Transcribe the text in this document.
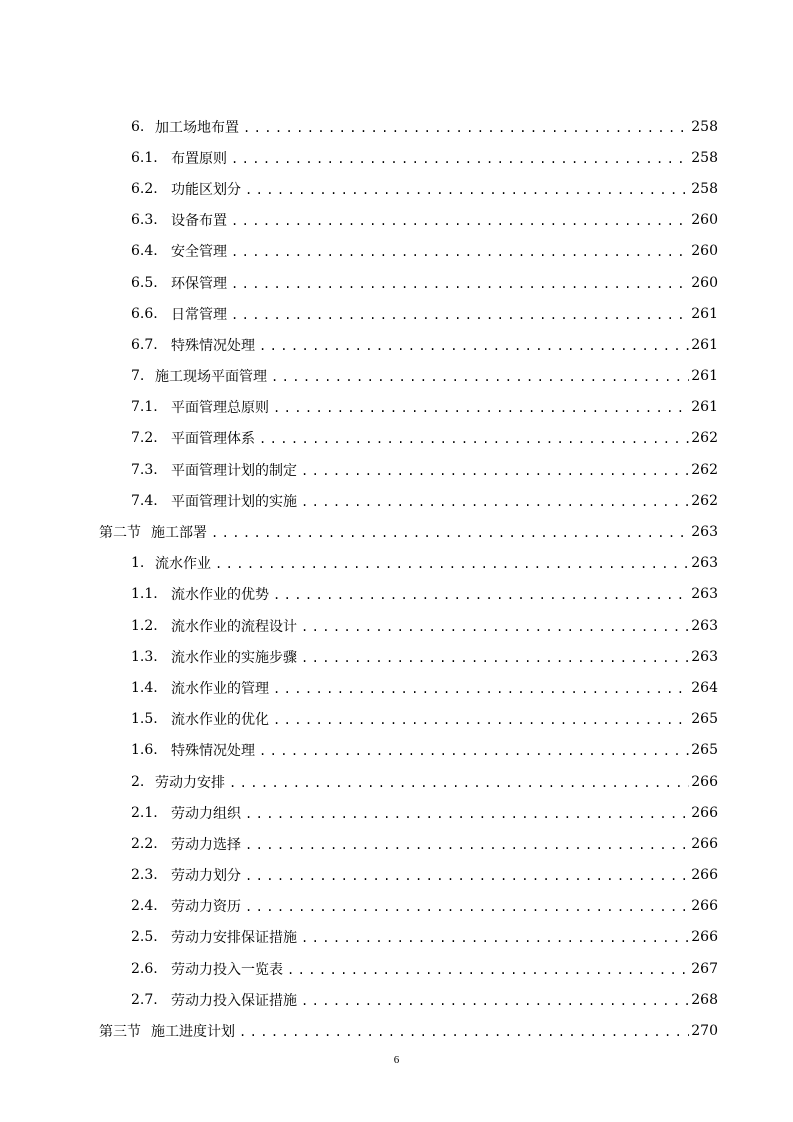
6. 加工场地布置 .....	258
6.1. 布置原则 .....	258
6.2. 功能区划分 .....	258
6.3. 设备布置 .....	260
6.4. 安全管理 .....	260
6.5. 环保管理 .....	260
6.6. 日常管理 .....	261
6.7. 特殊情况处理 .....	261
7. 施工现场平面管理 .....	261
7.1. 平面管理总原则 .....	261
7.2. 平面管理体系 .....	262
7.3. 平面管理计划的制定 .....	262
7.4. 平面管理计划的实施 .....	262
第二节 施工部署 .....	263
1. 流水作业 .....	263
1.1. 流水作业的优势 .....	263
1.2. 流水作业的流程设计 .....	263
1.3. 流水作业的实施步骤 .....	263
1.4. 流水作业的管理 .....	264
1.5. 流水作业的优化 .....	265
1.6. 特殊情况处理 .....	265
2. 劳动力安排 .....	266
2.1. 劳动力组织 .....	266
2.2. 劳动力选择 .....	266
2.3. 劳动力划分 .....	266
2.4. 劳动力资历 .....	266
2.5. 劳动力安排保证措施 .....	266
2.6. 劳动力投入一览表 .....	267
2.7. 劳动力投入保证措施 .....	268
第三节 施工进度计划 .....	270
6
